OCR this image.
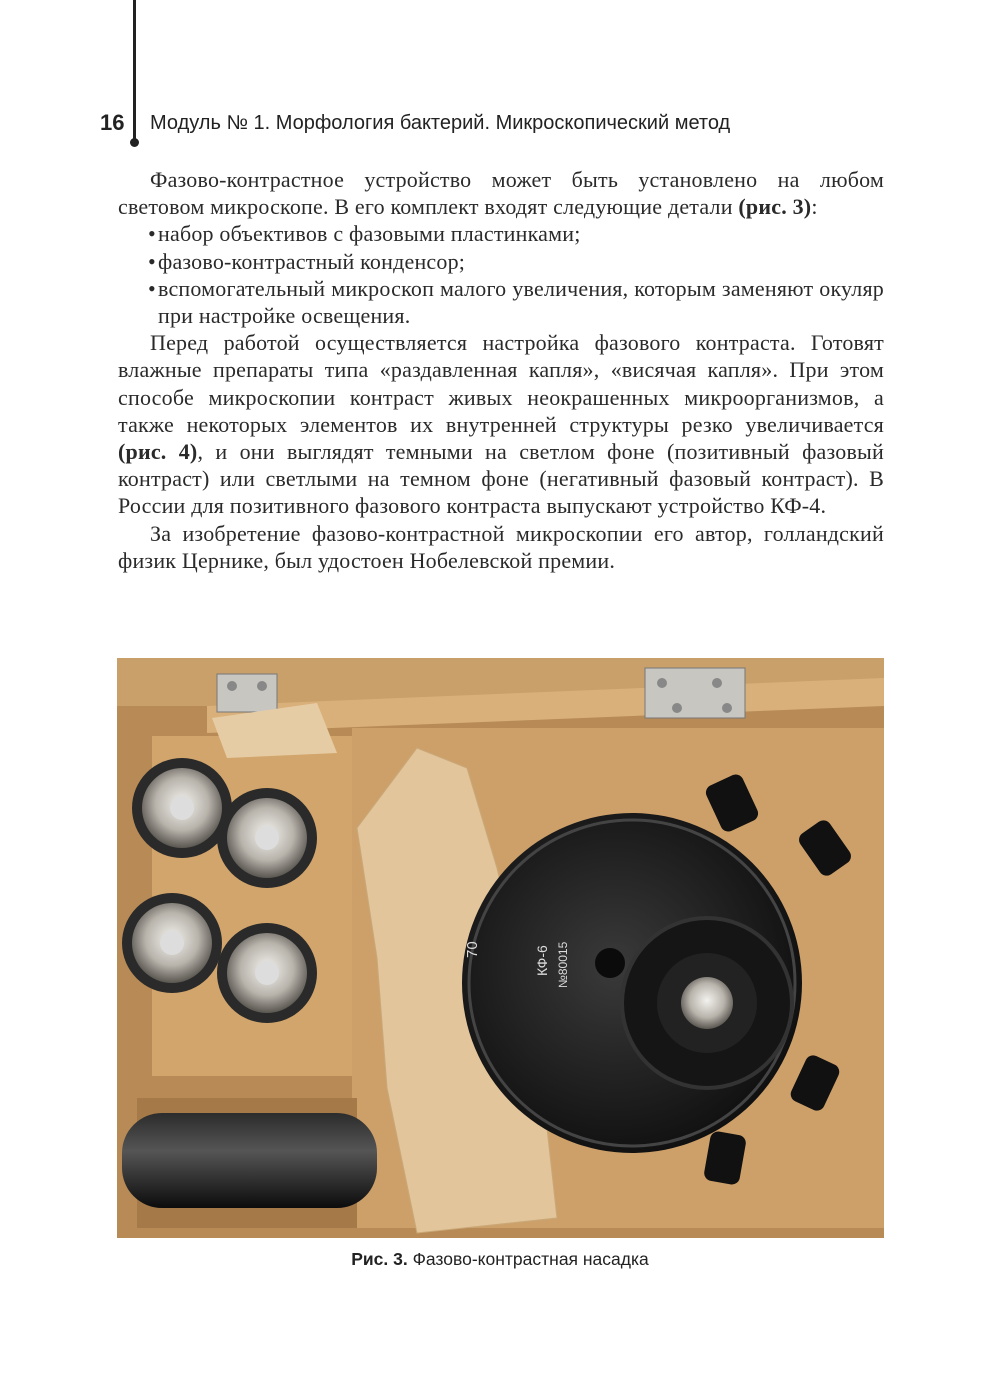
16 Модуль № 1. Морфология бактерий. Микроскопический метод

Фазово-контрастное устройство может быть установлено на любом световом микроскопе. В его комплект входят следующие детали (рис. 3):

• набор объективов с фазовыми пластинками;
• фазово-контрастный конденсор;
• вспомогательный микроскоп малого увеличения, которым заменяют окуляр при настройке освещения.

Перед работой осуществляется настройка фазового контраста. Готовят влажные препараты типа «раздавленная капля», «висячая капля». При этом способе микроскопии контраст живых неокрашенных микроорганизмов, а также некоторых элементов их внутренней структуры резко увеличивается (рис. 4), и они выглядят темными на светлом фоне (позитивный фазовый контраст) или светлыми на темном фоне (негативный фазовый контраст). В России для позитивного фазового контраста выпускают устройство КФ-4.

За изобретение фазово-контрастной микроскопии его автор, голландский физик Цернике, был удостоен Нобелевской премии.

70	КФ-6 №80015
Рис. 3. Фазово-контрастная насадка
